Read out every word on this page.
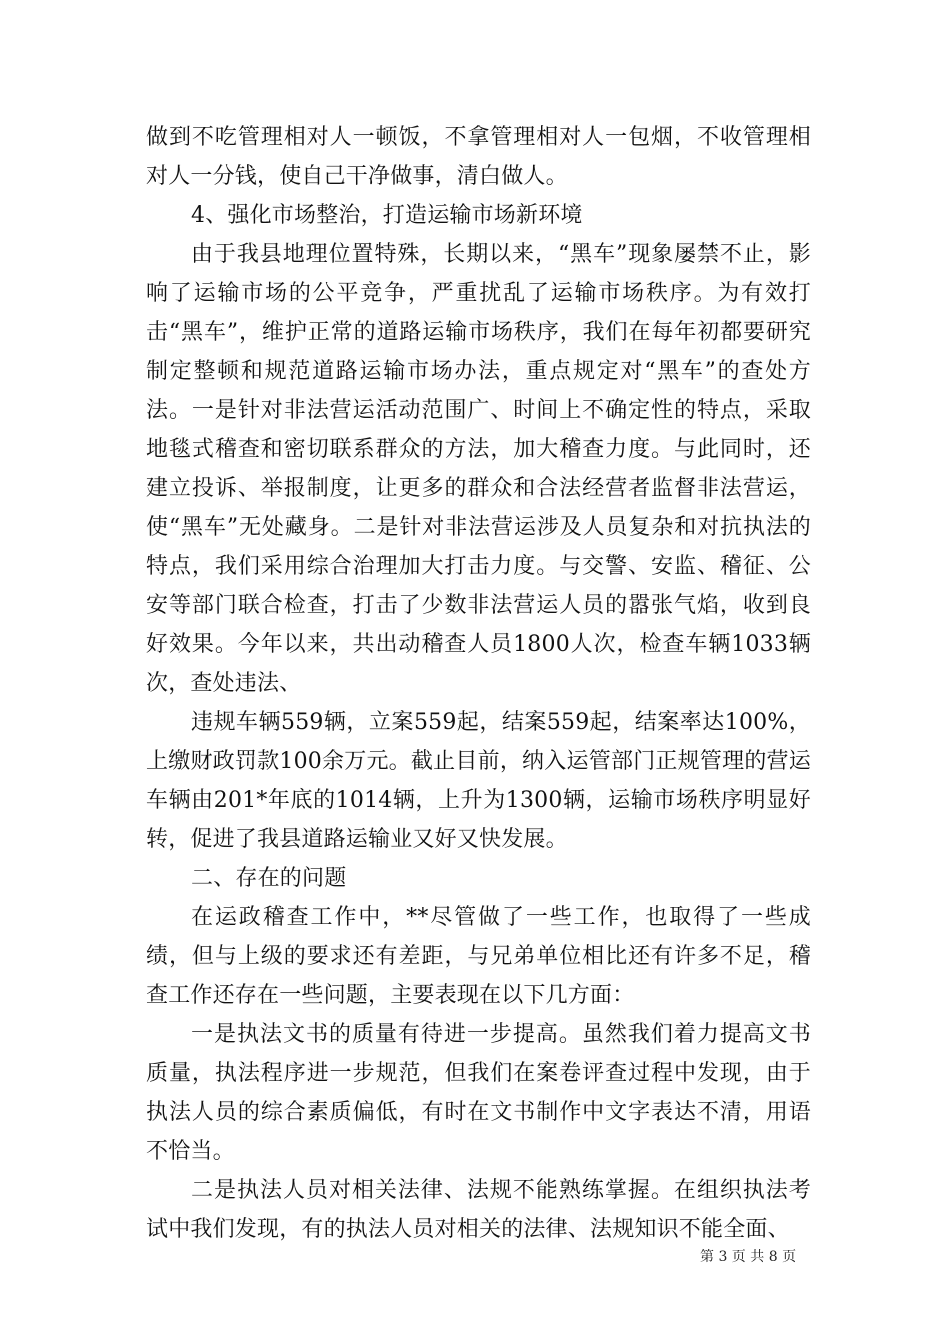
做到不吃管理相对人一顿饭，不拿管理相对人一包烟，不收管理相对人一分钱，使自己干净做事，清白做人。

4、强化市场整治，打造运输市场新环境

由于我县地理位置特殊，长期以来，“黑车”现象屡禁不止，影响了运输市场的公平竞争，严重扰乱了运输市场秩序。为有效打击“黑车”，维护正常的道路运输市场秩序，我们在每年初都要研究制定整顿和规范道路运输市场办法，重点规定对“黑车”的查处方法。一是针对非法营运活动范围广、时间上不确定性的特点，采取地毯式稽查和密切联系群众的方法，加大稽查力度。与此同时，还建立投诉、举报制度，让更多的群众和合法经营者监督非法营运，使“黑车”无处藏身。二是针对非法营运涉及人员复杂和对抗执法的特点，我们采用综合治理加大打击力度。与交警、安监、稽征、公安等部门联合检查，打击了少数非法营运人员的嚣张气焰，收到良好效果。今年以来，共出动稽查人员1800人次，检查车辆1033辆次，查处违法、

违规车辆559辆，立案559起，结案559起，结案率达100%，上缴财政罚款100余万元。截止目前，纳入运管部门正规管理的营运车辆由201*年底的1014辆，上升为1300辆，运输市场秩序明显好转，促进了我县道路运输业又好又快发展。

二、存在的问题

在运政稽查工作中，**尽管做了一些工作，也取得了一些成绩，但与上级的要求还有差距，与兄弟单位相比还有许多不足，稽查工作还存在一些问题，主要表现在以下几方面：

一是执法文书的质量有待进一步提高。虽然我们着力提高文书质量，执法程序进一步规范，但我们在案卷评查过程中发现，由于执法人员的综合素质偏低，有时在文书制作中文字表达不清，用语不恰当。

二是执法人员对相关法律、法规不能熟练掌握。在组织执法考试中我们发现，有的执法人员对相关的法律、法规知识不能全面、

第 3 页 共 8 页
